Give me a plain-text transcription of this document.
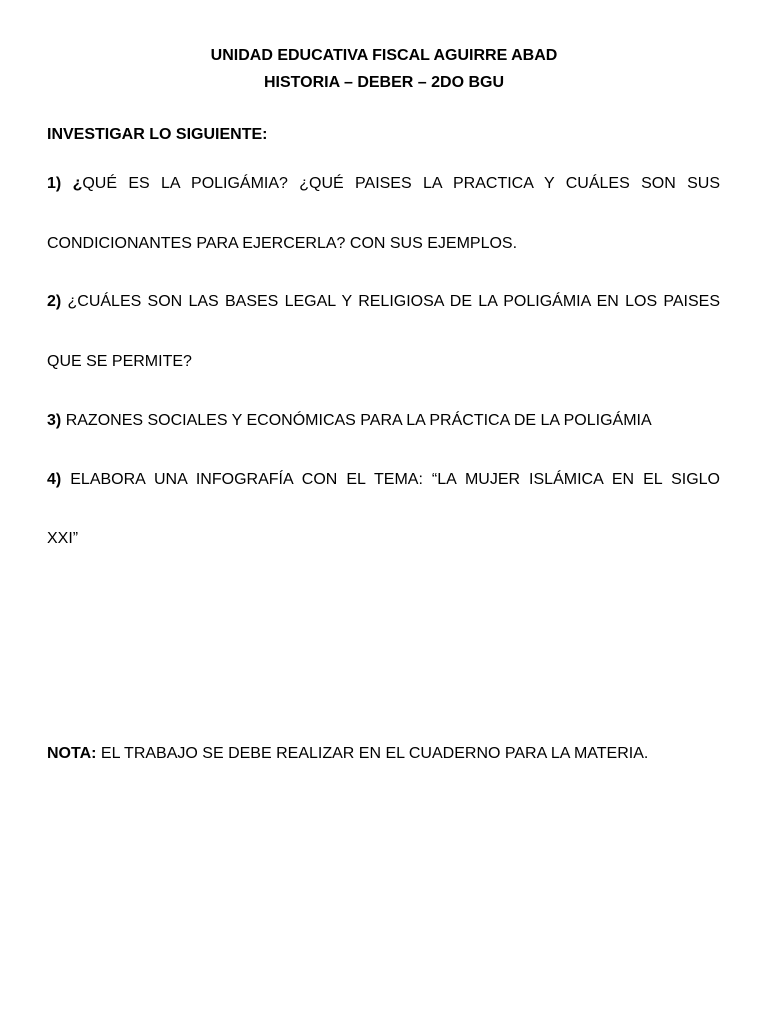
UNIDAD EDUCATIVA FISCAL AGUIRRE ABAD
HISTORIA – DEBER – 2DO BGU
INVESTIGAR LO SIGUIENTE:
1) ¿QUÉ ES LA POLIGÁMIA? ¿QUÉ PAISES LA PRACTICA Y CUÁLES SON SUS
CONDICIONANTES PARA EJERCERLA? CON SUS EJEMPLOS.
2) ¿CUÁLES SON LAS BASES LEGAL Y RELIGIOSA DE LA POLIGÁMIA EN LOS PAISES
QUE SE PERMITE?
3) RAZONES SOCIALES Y ECONÓMICAS PARA LA PRÁCTICA DE LA POLIGÁMIA
4) ELABORA UNA INFOGRAFÍA CON EL TEMA: “LA MUJER ISLÁMICA EN EL SIGLO
XXI”
NOTA: EL TRABAJO SE DEBE REALIZAR EN EL CUADERNO PARA LA MATERIA.
